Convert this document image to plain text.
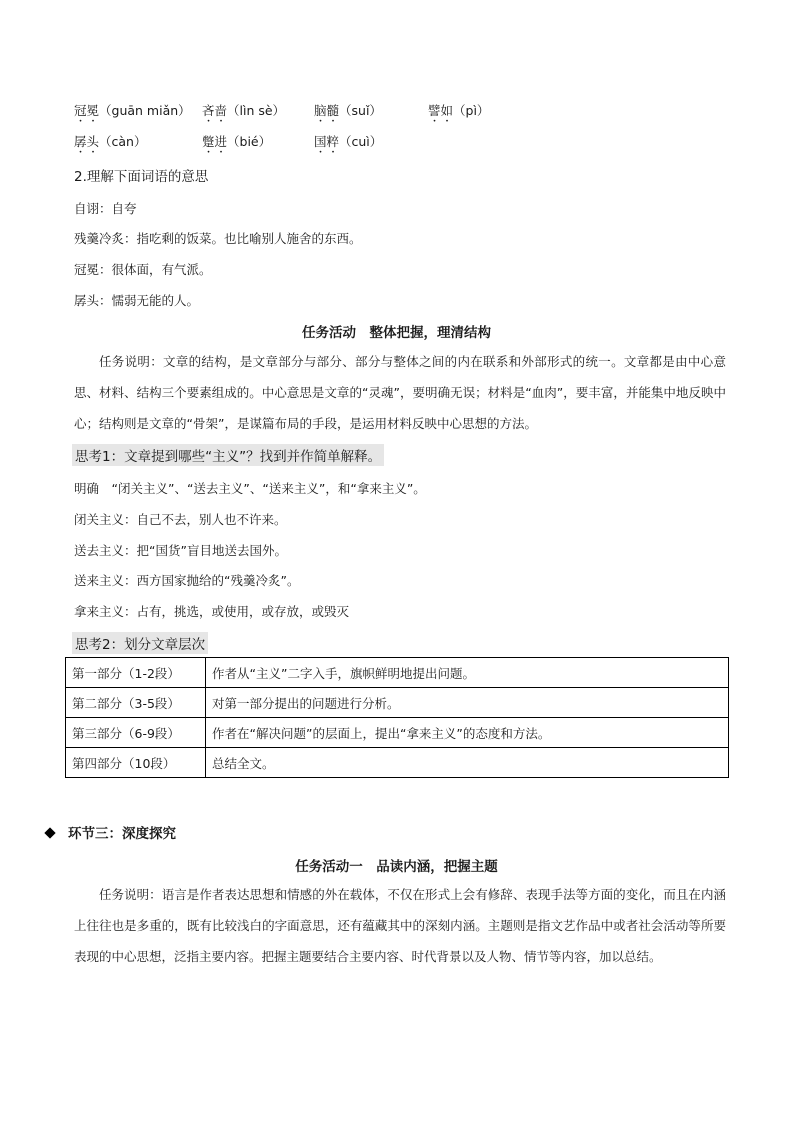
冠冕（guān miǎn） 吝啬（lìn sè） 脑髓（suǐ）	譬如（pì）
孱头（càn）	蹩进（bié）	国粹（cuì）
2.理解下面词语的意思
自诩：自夸
残羹冷炙：指吃剩的饭菜。也比喻别人施舍的东西。
冠冕：很体面，有气派。
孱头：懦弱无能的人。
任务活动　整体把握，理清结构

任务说明：文章的结构，是文章部分与部分、部分与整体之间的内在联系和外部形式的统一。文章都是由中心意思、材料、结构三个要素组成的。中心意思是文章的“灵魂”，要明确无误；材料是“血肉”，要丰富，并能集中地反映中心；结构则是文章的“骨架”，是谋篇布局的手段，是运用材料反映中心思想的方法。

思考1：文章提到哪些“主义”？找到并作简单解释。
明确　“闭关主义”、“送去主义”、“送来主义”，和“拿来主义”。
闭关主义：自己不去，别人也不许来。
送去主义：把“国货”盲目地送去国外。
送来主义：西方国家抛给的“残羹冷炙”。
拿来主义：占有，挑选，或使用，或存放，或毁灭
思考2：划分文章层次
第一部分（1-2段）	作者从“主义”二字入手，旗帜鲜明地提出问题。
第二部分（3-5段）	对第一部分提出的问题进行分析。
第三部分（6-9段）	作者在“解决问题”的层面上，提出“拿来主义”的态度和方法。
第四部分（10段）	总结全文。
环节三：深度探究
任务活动一　品读内涵，把握主题

任务说明：语言是作者表达思想和情感的外在载体，不仅在形式上会有修辞、表现手法等方面的变化，而且在内涵上往往也是多重的，既有比较浅白的字面意思，还有蕴藏其中的深刻内涵。主题则是指文艺作品中或者社会活动等所要表现的中心思想，泛指主要内容。把握主题要结合主要内容、时代背景以及人物、情节等内容，加以总结。
